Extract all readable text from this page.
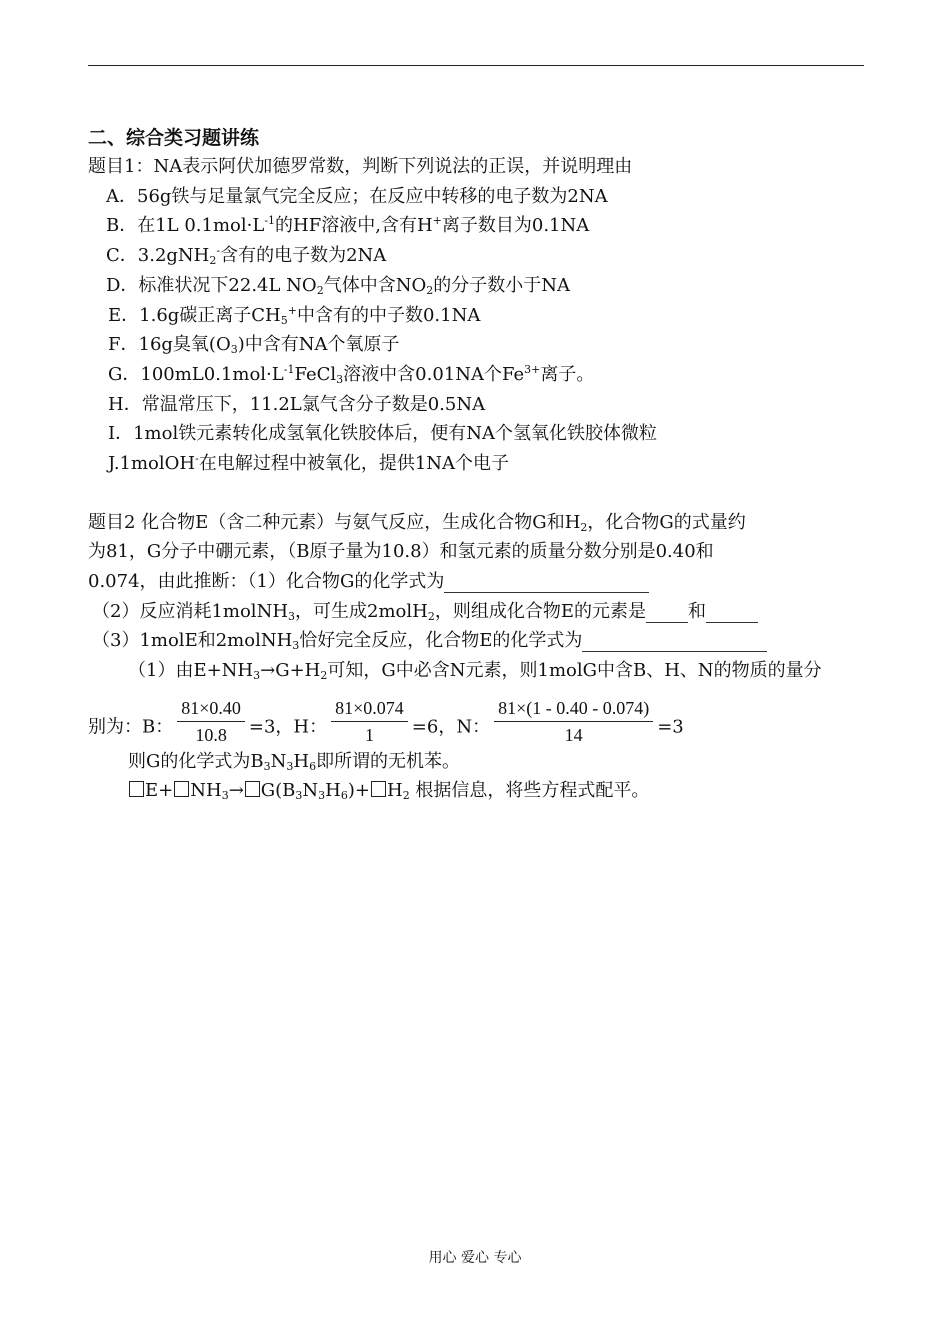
二、综合类习题讲练
题目1：NA表示阿伏加德罗常数，判断下列说法的正误，并说明理由
A．56g铁与足量氯气完全反应；在反应中转移的电子数为2NA
B．在1L $0.1mol\cdot L^{-1}$的HF溶液中,含有H+离子数目为0.1NA
C．3.2gNH$_2$-含有的电子数为2NA
D．标准状况下22.4L $NO_2$气体中含$NO_2$的分子数小于NA
E．1.6g碳正离子$CH_5^+$中含有的中子数0.1NA
F．16g臭氧$(O_3)$中含有NA个氧原子
G．$100mL0.1mol\cdot L^{-1}FeCl_3$溶液中含0.01NA个$Fe^{3+}$离子。
H．常温常压下，11.2L氯气含分子数是0.5NA
I．1mol铁元素转化成氢氧化铁胶体后，便有NA个氢氧化铁胶体微粒
J.1molOH-在电解过程中被氧化，提供1NA个电子
题目2 化合物E（含二种元素）与氨气反应，生成化合物G和$H_2$，化合物G的式量约
为81，G分子中硼元素，（B原子量为10.8）和氢元素的质量分数分别是0.40和
0.074，由此推断：（1）化合物G的化学式为
（2）反应消耗1molNH$_3$，可生成2molH$_2$，则组成化合物E的元素是 和
（3）1molE和2molNH$_3$恰好完全反应，化合物E的化学式为
（1）由$E+NH_3\to G+H_2$可知，G中必含N元素，则1molG中含B、H、N的物质的量分
别为：B： $\frac{81\times 0.40}{10.8} =3$，H： $\frac{81\times 0.074}{1} =6$，N： $\frac{81\times(1 - 0.40 - 0.074)}{14} =3$
则G的化学式为$B_3N_3H_6$即所谓的无机苯。
$E+ NH_3\to G(B_3N_3H_6)+ H_2$ 根据信息，将些方程式配平。
用心 爱心 专心
